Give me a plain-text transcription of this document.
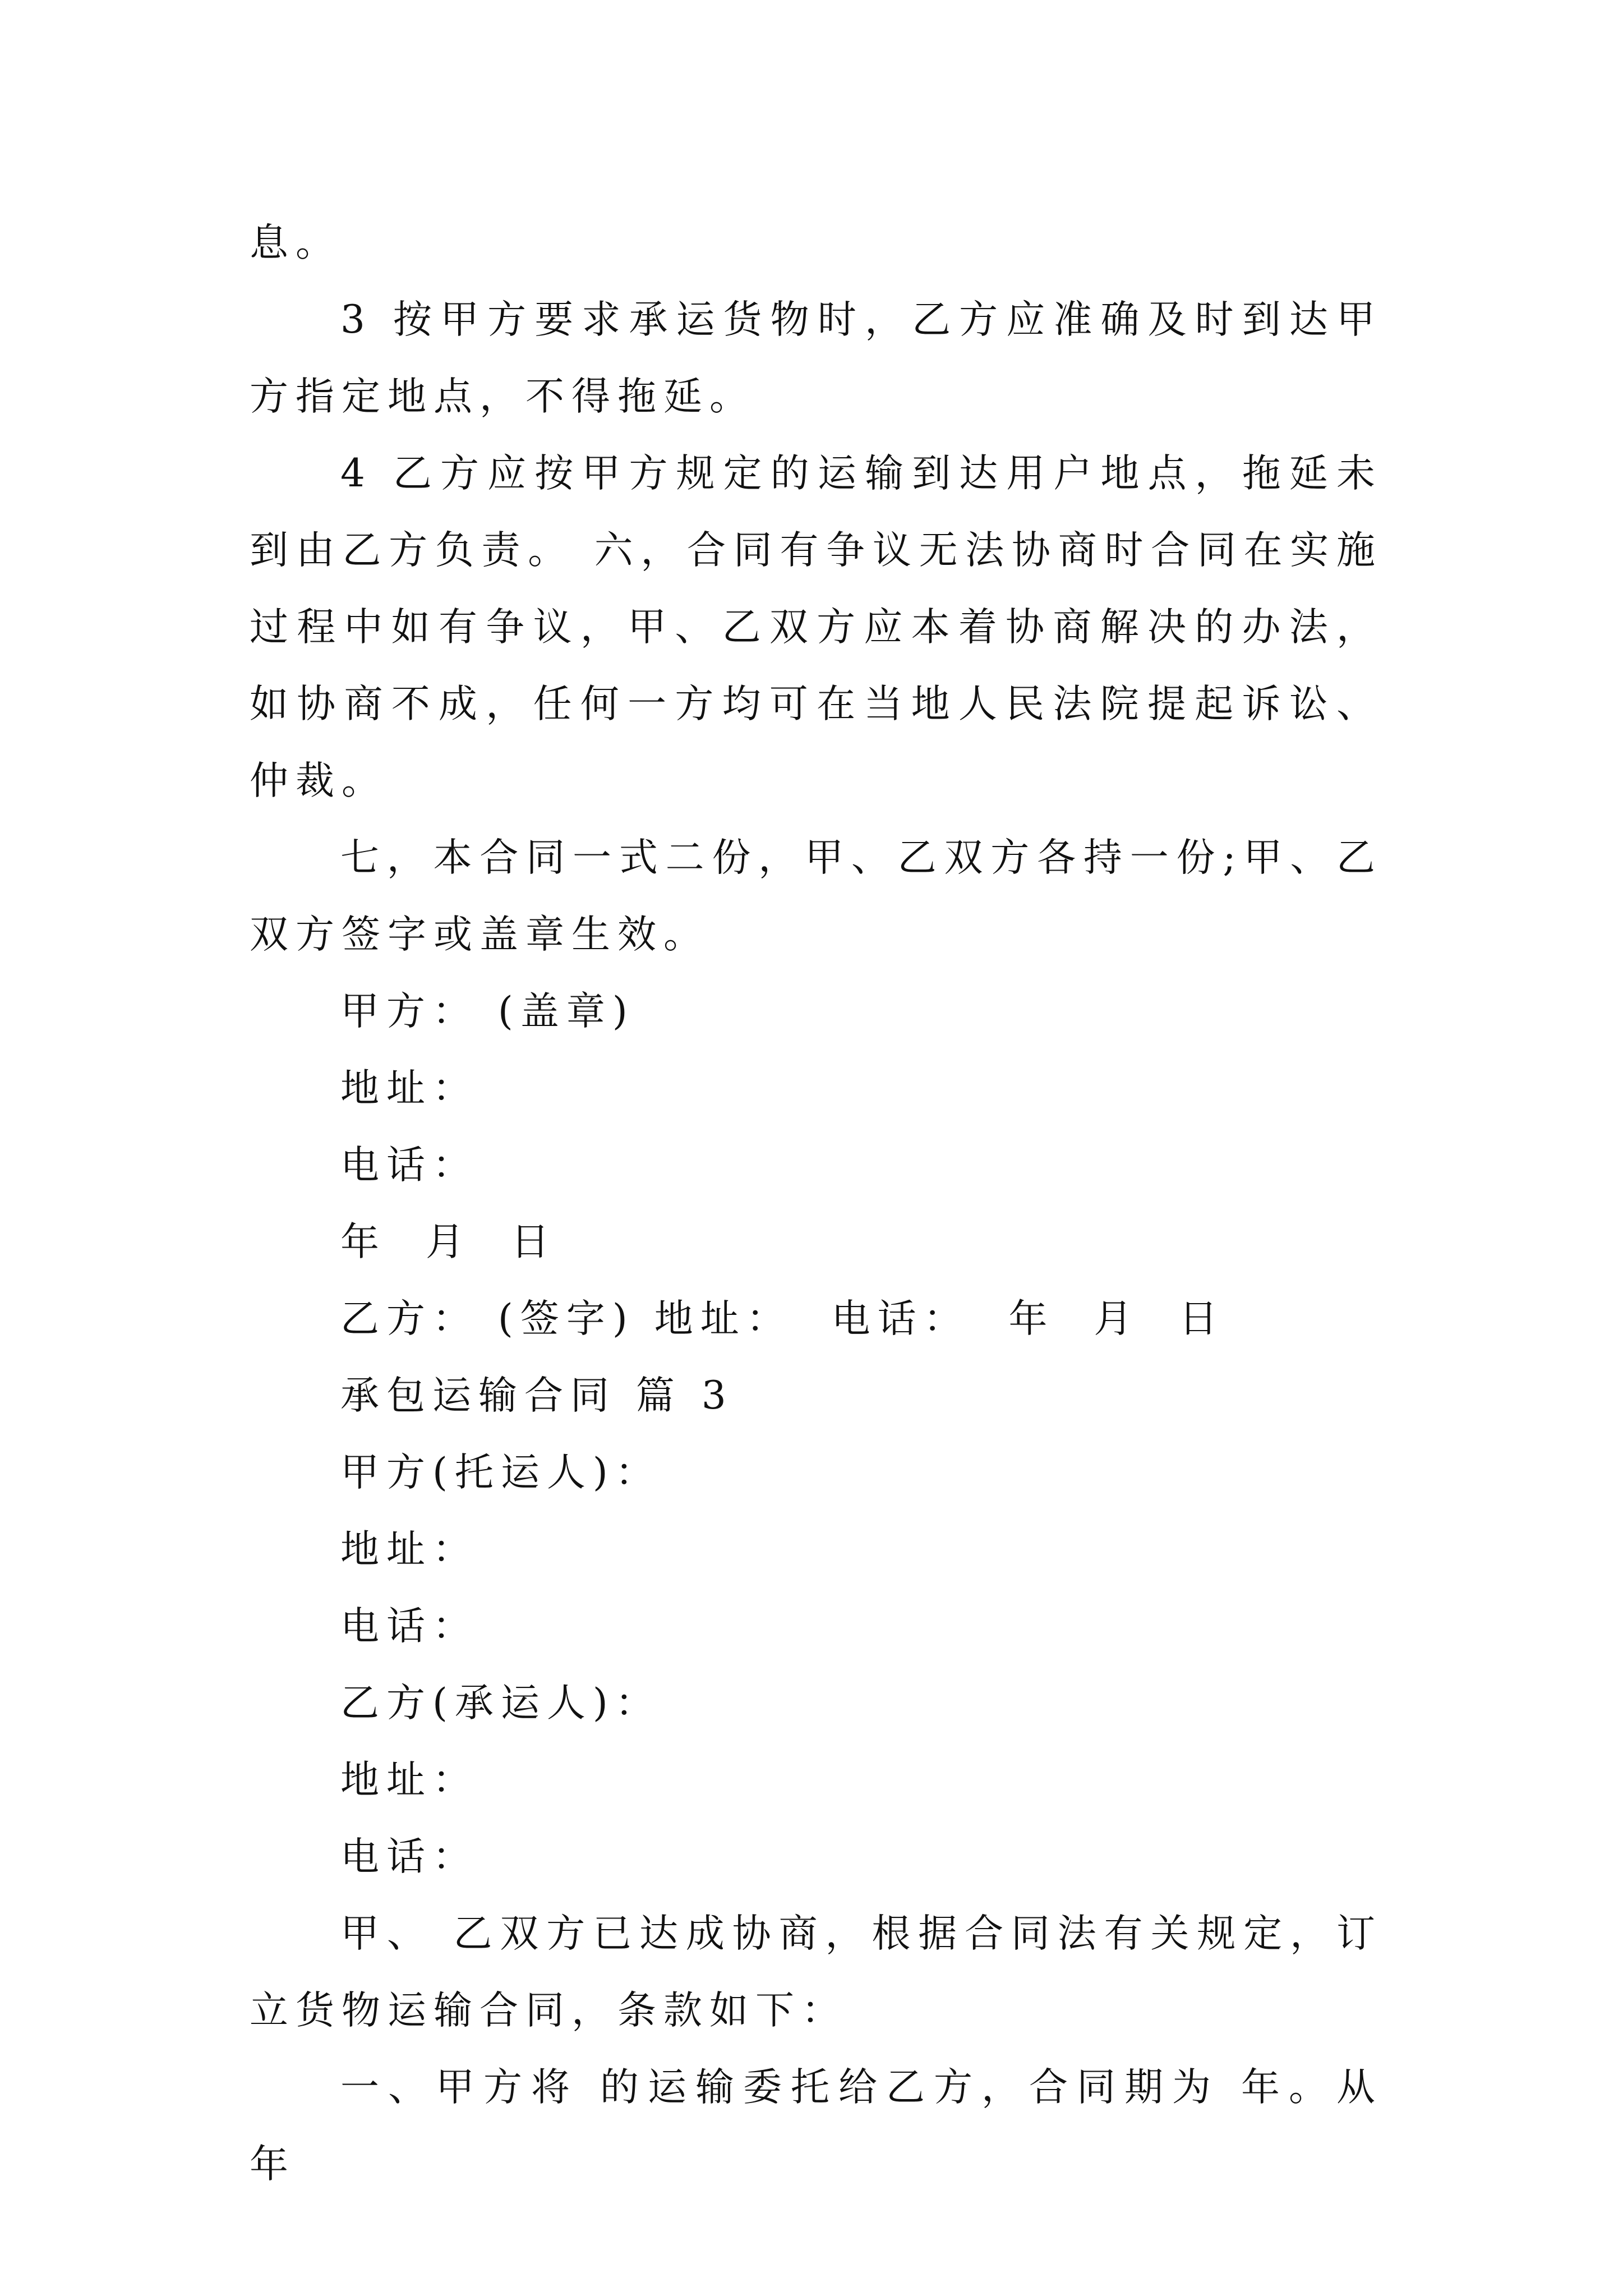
息。

3 按甲方要求承运货物时，乙方应准确及时到达甲方指定地点，不得拖延。

4 乙方应按甲方规定的运输到达用户地点，拖延未到由乙方负责。 六，合同有争议无法协商时合同在实施过程中如有争议，甲、乙双方应本着协商解决的办法，如协商不成，任何一方均可在当地人民法院提起诉讼、仲裁。

七，本合同一式二份，甲、乙双方各持一份;甲、乙双方签字或盖章生效。

甲方： (盖章)

地址：

电话：

年  月  日

乙方： (签字) 地址：  电话：  年  月  日

承包运输合同 篇 3

甲方(托运人)：

地址：

电话：

乙方(承运人)：

地址：

电话：

甲、 乙双方已达成协商，根据合同法有关规定，订立货物运输合同，条款如下：

一、甲方将 的运输委托给乙方，合同期为 年。从 年
